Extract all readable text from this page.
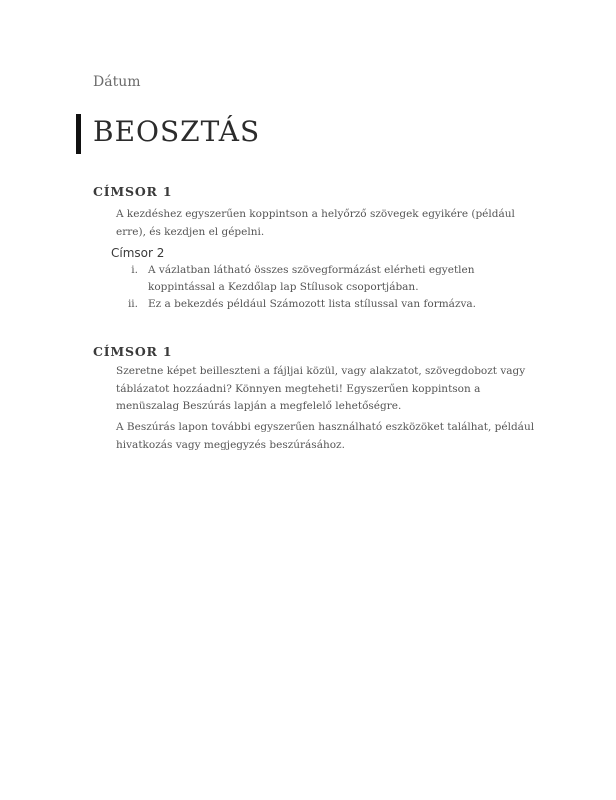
Dátum
BEOSZTÁS
CÍMSOR 1
A kezdéshez egyszerűen koppintson a helyőrző szövegek egyikére (például erre), és kezdjen el gépelni.
Címsor 2
i. A vázlatban látható összes szövegformázást elérheti egyetlen koppintással a Kezdőlap lap Stílusok csoportjában.
ii. Ez a bekezdés például Számozott lista stílussal van formázva.
CÍMSOR 1
Szeretne képet beilleszteni a fájljai közül, vagy alakzatot, szövegdobozt vagy táblázatot hozzáadni? Könnyen megteheti! Egyszerűen koppintson a menüszalag Beszúrás lapján a megfelelő lehetőségre.
A Beszúrás lapon további egyszerűen használható eszközöket találhat, például hivatkozás vagy megjegyzés beszúrásához.
